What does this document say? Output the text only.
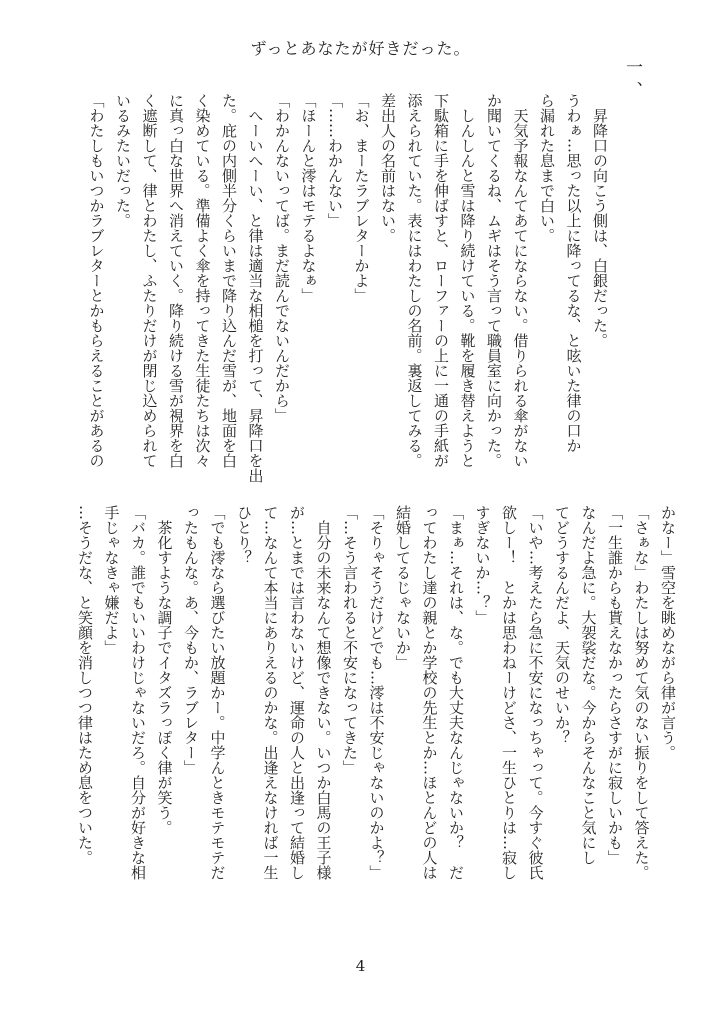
ずっとあなたが好きだった。
一、
　昇降口の向こう側は、白銀だった。
うわぁ…思った以上に降ってるな、と呟いた律の口か
ら漏れた息まで白い。
　天気予報なんてあてにならない。借りられる傘がない
か聞いてくるね、ムギはそう言って職員室に向かった。
　しんしんと雪は降り続けている。靴を履き替えようと
下駄箱に手を伸ばすと、ローファーの上に一通の手紙が
添えられていた。表にはわたしの名前。裏返してみる。
差出人の名前はない。
「お、まーたラブレターかよ」
「……わかんない」
「ほーんと澪はモテるよなぁ」
「わかんないってば。まだ読んでないんだから」
　へーいへーい、と律は適当な相槌を打って、昇降口を出
た。庇の内側半分くらいまで降り込んだ雪が、地面を白
く染めている。準備よく傘を持ってきた生徒たちは次々
に真っ白な世界へ消えていく。降り続ける雪が視界を白
く遮断して、律とわたし、ふたりだけが閉じ込められて
いるみたいだった。
「わたしもいつかラブレターとかもらえることがあるの
かなー」雪空を眺めながら律が言う。
「さぁな」わたしは努めて気のない振りをして答えた。
「一生誰からも貰えなかったらさすがに寂しいかも」
なんだよ急に。大袈裟だな。今からそんなこと気にし
てどうするんだよ、天気のせいか？
「いや…考えたら急に不安になっちゃって。今すぐ彼氏
欲しー！　とかは思わねーけどさ、一生ひとりは…寂し
すぎないか…？」
「まぁ…それは、な。でも大丈夫なんじゃないか？　だ
ってわたし達の親とか学校の先生とか…ほとんどの人は
結婚してるじゃないか」
「そりゃそうだけどでも…澪は不安じゃないのかよ？」
「…そう言われると不安になってきた」
　自分の未来なんて想像できない。いつか白馬の王子様
が…とまでは言わないけど、運命の人と出逢って結婚し
て…なんて本当にありえるのかな。出逢えなければ一生
ひとり？
「でも澪なら選びたい放題かー。中学んときモテモテだ
ったもんな。あ、今もか、ラブレター」
　茶化すような調子でイタズラっぽく律が笑う。
「バカ。誰でもいいわけじゃないだろ。自分が好きな相
手じゃなきゃ嫌だよ」
…そうだな、と笑顔を消しつつ律はため息をついた。
4
